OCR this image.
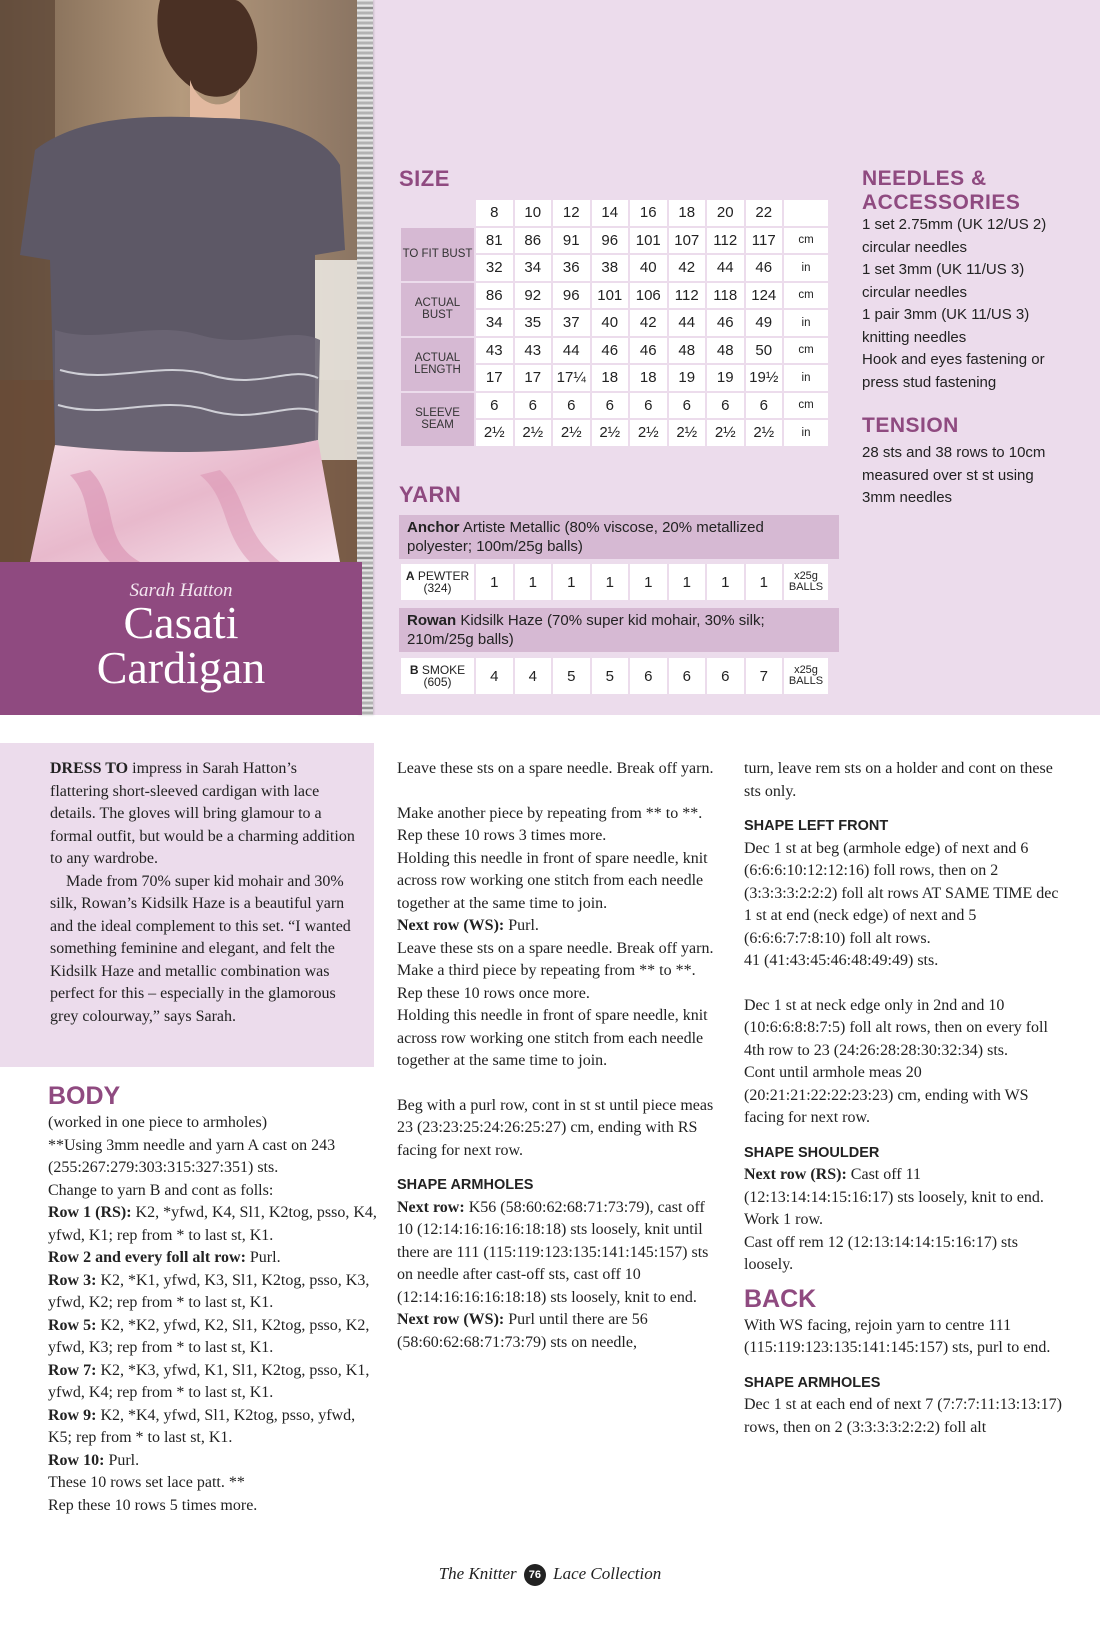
Sarah Hatton
Casati
Cardigan
SIZE
	8	10	12	14	16	18	20	22	
TO FIT BUST	81	86	91	96	101	107	112	117	cm
	32	34	36	38	40	42	44	46	in
ACTUAL BUST	86	92	96	101	106	112	118	124	cm
	34	35	37	40	42	44	46	49	in
ACTUAL LENGTH	43	43	44	46	46	48	48	50	cm
	17	17	17¼	18	18	19	19	19½	in
SLEEVE SEAM	6	6	6	6	6	6	6	6	cm
	2½	2½	2½	2½	2½	2½	2½	2½	in
YARN
Anchor Artiste Metallic (80% viscose, 20% metallized polyester; 100m/25g balls)
A PEWTER
(324)	1	1	1	1	1	1	1	1	x25g
BALLS
Rowan Kidsilk Haze (70% super kid mohair, 30% silk; 210m/25g balls)
B SMOKE
(605)	4	4	5	5	6	6	6	7	x25g
BALLS
NEEDLES &
ACCESSORIES
1 set 2.75mm (UK 12/US 2)
circular needles
1 set 3mm (UK 11/US 3)
circular needles
1 pair 3mm (UK 11/US 3)
knitting needles
Hook and eyes fastening or
press stud fastening
TENSION
28 sts and 38 rows to 10cm
measured over st st using
3mm needles

DRESS TO impress in Sarah Hatton’s flattering short-sleeved cardigan with lace details. The gloves will bring glamour to a formal outfit, but would be a charming addition to any wardrobe.

Made from 70% super kid mohair and 30% silk, Rowan’s Kidsilk Haze is a beautiful yarn and the ideal complement to this set. “I wanted something feminine and elegant, and felt the Kidsilk Haze and metallic combination was perfect for this – especially in the glamorous grey colourway,” says Sarah.

BODY

(worked in one piece to armholes)

**Using 3mm needle and yarn A cast on 243 (255:267:279:303:315:327:351) sts.

Change to yarn B and cont as folls:

Row 1 (RS): K2, *yfwd, K4, Sl1, K2tog, psso, K4, yfwd, K1; rep from * to last st, K1.

Row 2 and every foll alt row: Purl.

Row 3: K2, *K1, yfwd, K3, Sl1, K2tog, psso, K3, yfwd, K2; rep from * to last st, K1.

Row 5: K2, *K2, yfwd, K2, Sl1, K2tog, psso, K2, yfwd, K3; rep from * to last st, K1.

Row 7: K2, *K3, yfwd, K1, Sl1, K2tog, psso, K1, yfwd, K4; rep from * to last st, K1.

Row 9: K2, *K4, yfwd, Sl1, K2tog, psso, yfwd, K5; rep from * to last st, K1.

Row 10: Purl.

These 10 rows set lace patt. **

Rep these 10 rows 5 times more.

Leave these sts on a spare needle. Break off yarn.

Make another piece by repeating from ** to **.

Rep these 10 rows 3 times more.

Holding this needle in front of spare needle, knit across row working one stitch from each needle together at the same time to join.

Next row (WS): Purl.

Leave these sts on a spare needle. Break off yarn.

Make a third piece by repeating from ** to **.

Rep these 10 rows once more.

Holding this needle in front of spare needle, knit across row working one stitch from each needle together at the same time to join.

Beg with a purl row, cont in st st until piece meas 23 (23:23:25:24:26:25:27) cm, ending with RS facing for next row.

SHAPE ARMHOLES

Next row: K56 (58:60:62:68:71:73:79), cast off 10 (12:14:16:16:16:18:18) sts loosely, knit until there are 111 (115:119:123:135:141:145:157) sts on needle after cast-off sts, cast off 10 (12:14:16:16:16:18:18) sts loosely, knit to end.

Next row (WS): Purl until there are 56 (58:60:62:68:71:73:79) sts on needle,

turn, leave rem sts on a holder and cont on these sts only.

SHAPE LEFT FRONT

Dec 1 st at beg (armhole edge) of next and 6 (6:6:6:10:12:12:16) foll rows, then on 2 (3:3:3:3:2:2:2) foll alt rows AT SAME TIME dec 1 st at end (neck edge) of next and 5 (6:6:6:7:7:8:10) foll alt rows.

41 (41:43:45:46:48:49:49) sts.

Dec 1 st at neck edge only in 2nd and 10 (10:6:6:8:8:7:5) foll alt rows, then on every foll 4th row to 23 (24:26:28:28:30:32:34) sts.

Cont until armhole meas 20 (20:21:21:22:22:23:23) cm, ending with WS facing for next row.

SHAPE SHOULDER

Next row (RS): Cast off 11 (12:13:14:14:15:16:17) sts loosely, knit to end.

Work 1 row.

Cast off rem 12 (12:13:14:14:15:16:17) sts loosely.

BACK

With WS facing, rejoin yarn to centre 111 (115:119:123:135:141:145:157) sts, purl to end.

SHAPE ARMHOLES

Dec 1 st at each end of next 7 (7:7:7:11:13:13:17) rows, then on 2 (3:3:3:3:2:2:2) foll alt

The Knitter 76 Lace Collection
